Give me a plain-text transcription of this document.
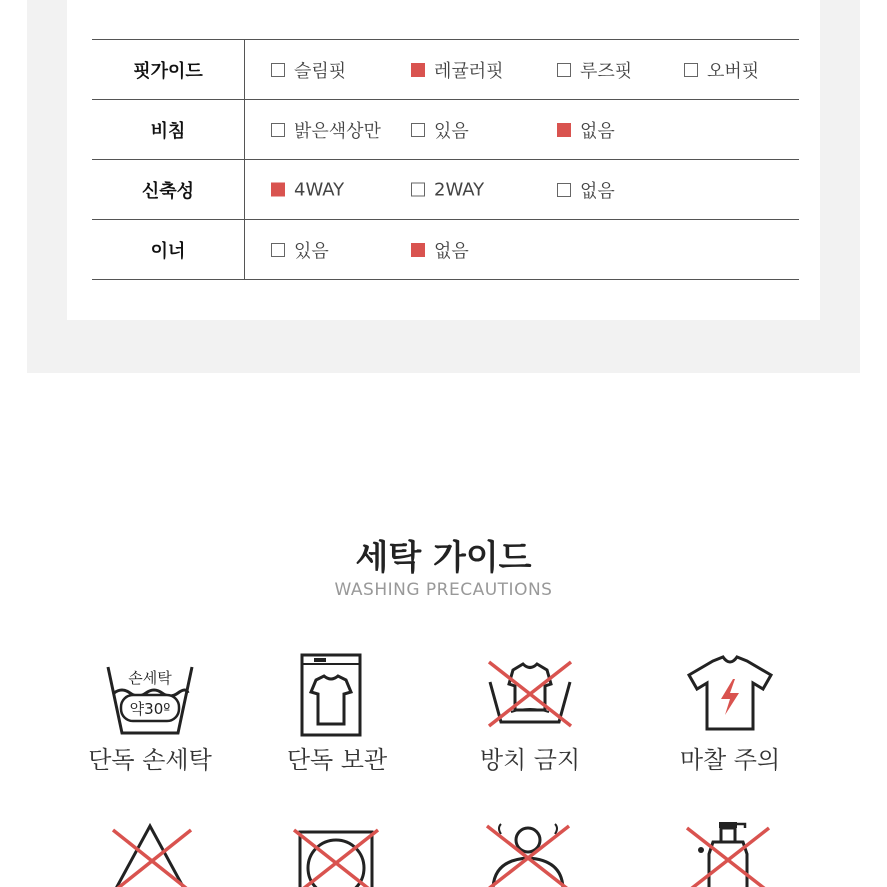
핏가이드	슬림핏 레귤러핏 루즈핏 오버핏

비침	밝은색상만 있음 없음

신축성	4WAY 2WAY 없음

이너	있음 없음
세탁 가이드
WASHING PRECAUTIONS
손세탁
약30º
단독 손세탁	단독 보관	방치 금지	마찰 주의
